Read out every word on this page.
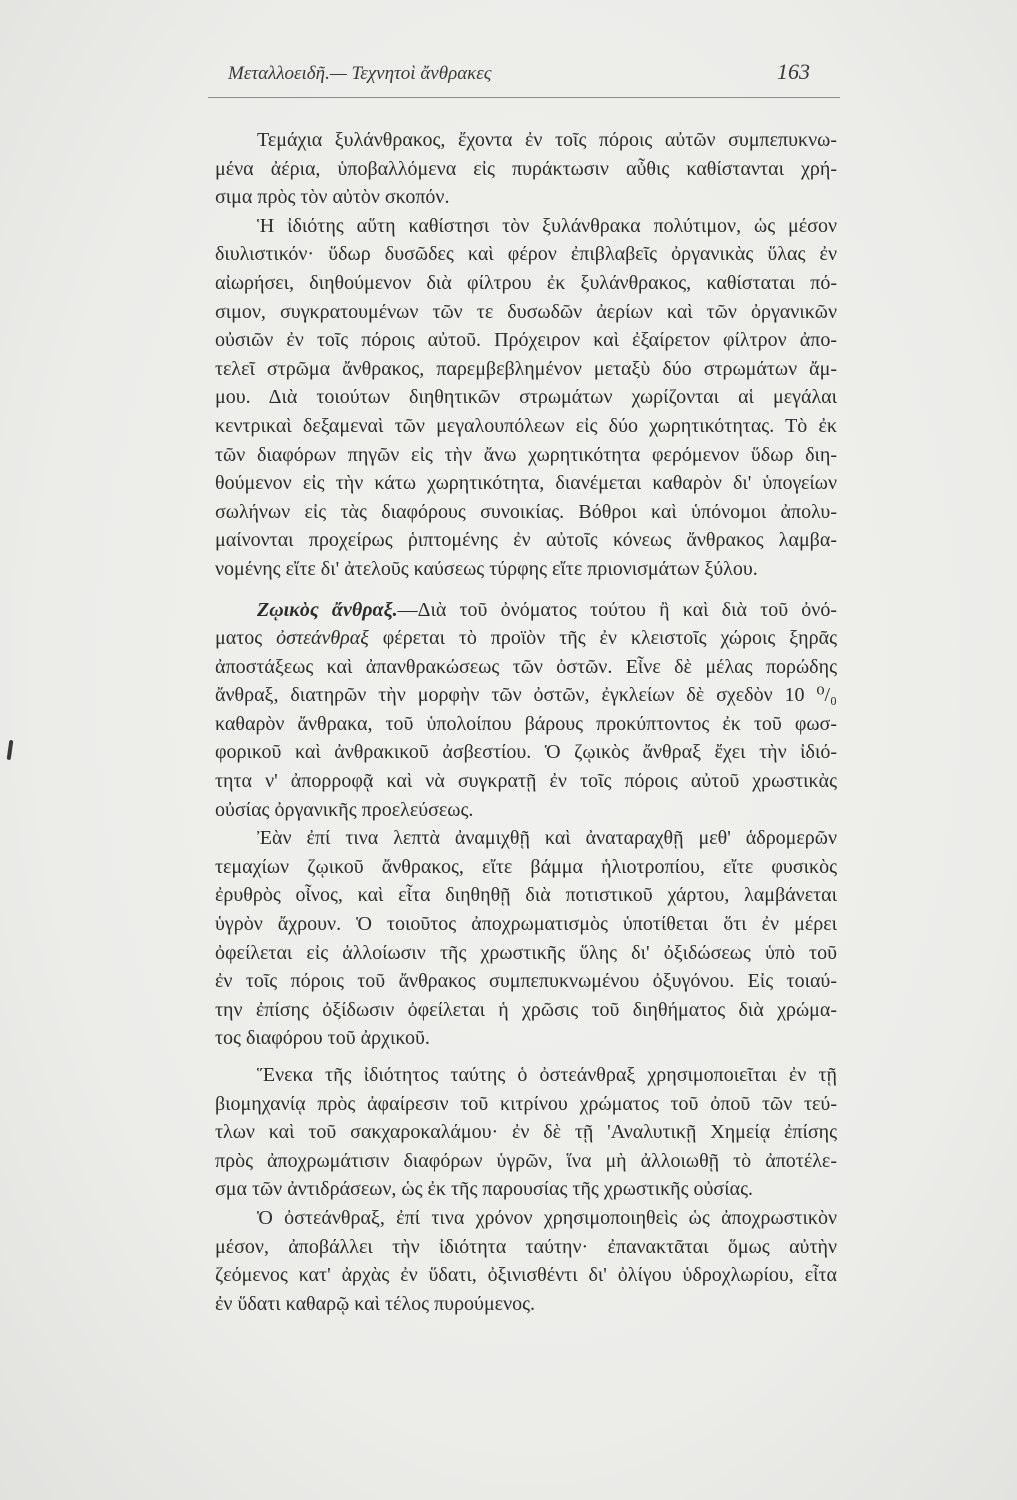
Μεταλλοειδῆ.— Τεχνητοὶ ἄνθρακες	163
Τεμάχια ξυλάνθρακος, ἔχοντα ἐν τοῖς πόροις αὐτῶν συμπεπυκνω-
μένα ἀέρια, ὑποβαλλόμενα εἰς πυράκτωσιν αὖθις καθίστανται χρή-
σιμα πρὸς τὸν αὐτὸν σκοπόν.
Ἡ ἰδιότης αὕτη καθίστησι τὸν ξυλάνθρακα πολύτιμον, ὡς μέσον
διυλιστικόν· ὕδωρ δυσῶδες καὶ φέρον ἐπιβλαβεῖς ὀργανικὰς ὕλας ἐν
αἰωρήσει, διηθούμενον διὰ φίλτρου ἐκ ξυλάνθρακος, καθίσταται πό-
σιμον, συγκρατουμένων τῶν τε δυσωδῶν ἀερίων καὶ τῶν ὀργανικῶν
οὐσιῶν ἐν τοῖς πόροις αὐτοῦ. Πρόχειρον καὶ ἐξαίρετον φίλτρον ἀπο-
τελεῖ στρῶμα ἄνθρακος, παρεμβεβλημένον μεταξὺ δύο στρωμάτων ἄμ-
μου. Διὰ τοιούτων διηθητικῶν στρωμάτων χωρίζονται αἱ μεγάλαι
κεντρικαὶ δεξαμεναὶ τῶν μεγαλουπόλεων εἰς δύο χωρητικότητας. Τὸ ἐκ
τῶν διαφόρων πηγῶν εἰς τὴν ἄνω χωρητικότητα φερόμενον ὕδωρ διη-
θούμενον εἰς τὴν κάτω χωρητικότητα, διανέμεται καθαρὸν δι' ὑπογείων
σωλήνων εἰς τὰς διαφόρους συνοικίας. Βόθροι καὶ ὑπόνομοι ἀπολυ-
μαίνονται προχείρως ῥιπτομένης ἐν αὐτοῖς κόνεως ἄνθρακος λαμβα-
νομένης εἴτε δι' ἀτελοῦς καύσεως τύρφης εἴτε πριονισμάτων ξύλου.
Ζῳικὸς ἄνθραξ.—Διὰ τοῦ ὀνόματος τούτου ἢ καὶ διὰ τοῦ ὀνό-
ματος ὀστεάνθραξ φέρεται τὸ προϊὸν τῆς ἐν κλειστοῖς χώροις ξηρᾶς
ἀποστάξεως καὶ ἀπανθρακώσεως τῶν ὀστῶν. Εἶνε δὲ μέλας πορώδης
ἄνθραξ, διατηρῶν τὴν μορφὴν τῶν ὀστῶν, ἐγκλείων δὲ σχεδὸν 10 ⁰/₀
καθαρὸν ἄνθρακα, τοῦ ὑπολοίπου βάρους προκύπτοντος ἐκ τοῦ φωσ-
φορικοῦ καὶ ἀνθρακικοῦ ἀσβεστίου. Ὁ ζῳικὸς ἄνθραξ ἔχει τὴν ἰδιό-
τητα ν' ἀπορροφᾷ καὶ νὰ συγκρατῇ ἐν τοῖς πόροις αὐτοῦ χρωστικὰς
οὐσίας ὀργανικῆς προελεύσεως.
Ἐὰν ἐπί τινα λεπτὰ ἀναμιχθῇ καὶ ἀναταραχθῇ μεθ' ἁδρομερῶν
τεμαχίων ζῳικοῦ ἄνθρακος, εἴτε βάμμα ἡλιοτροπίου, εἴτε φυσικὸς
ἐρυθρὸς οἶνος, καὶ εἶτα διηθηθῇ διὰ ποτιστικοῦ χάρτου, λαμβάνεται
ὑγρὸν ἄχρουν. Ὁ τοιοῦτος ἀποχρωματισμὸς ὑποτίθεται ὅτι ἐν μέρει
ὀφείλεται εἰς ἀλλοίωσιν τῆς χρωστικῆς ὕλης δι' ὀξιδώσεως ὑπὸ τοῦ
ἐν τοῖς πόροις τοῦ ἄνθρακος συμπεπυκνωμένου ὀξυγόνου. Εἰς τοιαύ-
την ἐπίσης ὀξίδωσιν ὀφείλεται ἡ χρῶσις τοῦ διηθήματος διὰ χρώμα-
τος διαφόρου τοῦ ἀρχικοῦ.
Ἕνεκα τῆς ἰδιότητος ταύτης ὁ ὀστεάνθραξ χρησιμοποιεῖται ἐν τῇ
βιομηχανίᾳ πρὸς ἀφαίρεσιν τοῦ κιτρίνου χρώματος τοῦ ὀποῦ τῶν τεύ-
τλων καὶ τοῦ σακχαροκαλάμου· ἐν δὲ τῇ 'Αναλυτικῇ Χημείᾳ ἐπίσης
πρὸς ἀποχρωμάτισιν διαφόρων ὑγρῶν, ἵνα μὴ ἀλλοιωθῇ τὸ ἀποτέλε-
σμα τῶν ἀντιδράσεων, ὡς ἐκ τῆς παρουσίας τῆς χρωστικῆς οὐσίας.
Ὁ ὀστεάνθραξ, ἐπί τινα χρόνον χρησιμοποιηθεὶς ὡς ἀποχρωστικὸν
μέσον, ἀποβάλλει τὴν ἰδιότητα ταύτην· ἐπανακτᾶται ὅμως αὐτὴν
ζεόμενος κατ' ἀρχὰς ἐν ὕδατι, ὀξινισθέντι δι' ὀλίγου ὑδροχλωρίου, εἶτα
ἐν ὕδατι καθαρῷ καὶ τέλος πυρούμενος.
